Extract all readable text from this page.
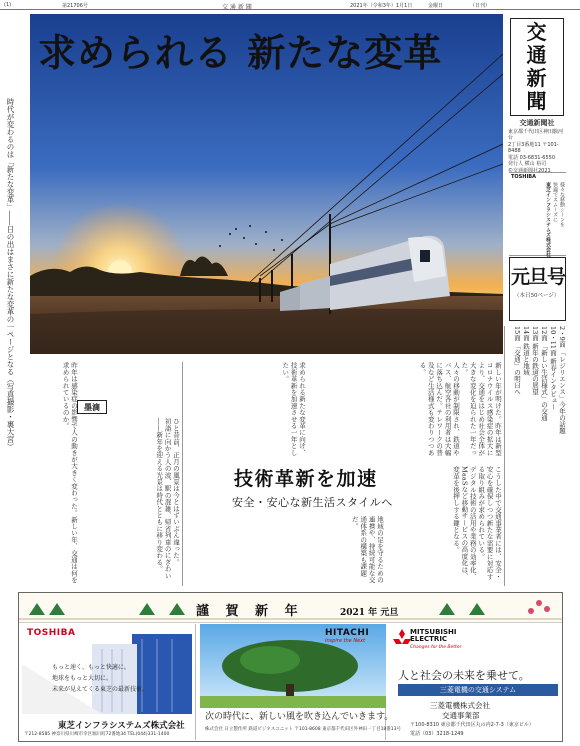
(1)	第21706号	交 通 新 聞	2021年（令和3年）1月1日	金曜日	（日刊）
求められる 新たな変革
時代が変わるのは「新たな変革」――日の出はまさに新たな変革の一ページとなる（写真撮影・裏大宮）
交
通
新
聞
交通新聞社
東京都千代田区神田駿河台
2丁目3番地11 〒101-8488
電話 03-6831-6550
発行人 横山 裕司
©交通新聞社2021
TOSHIBA
様々な移動シーンを
快適でスムーズに
東芝インフラシステムズ株式会社
元旦号
（本日50ページ）
2・9面 「レジリエンス」今年の話題
10・11面 新春インタビュー
12面 「新しい生活様式」の交通
13面 新年の鉄道の展望
14面 鉄道と地域
15面 「交通」の明日へ

昨年は感染症の影響で人の動きが大きく変わった。新しい年、交通は何を求められているのか。

ひと昔前、正月の風景は今とはずいぶん違った。

初詣に向かう人の波、駅の混雑、帰省列車のにぎわい――新年を迎える光景は時代とともに移り変わる。

墨滴	求められる新たな変革に向け、技術革新を加速させる一年としたい。	新しい年が明けた。昨年は新型コロナウイルス感染症の拡大により、交通をはじめ社会全体が大きな変化を迫られた一年だった。

人々の移動が制限され、鉄道やバス、航空各社の利用者は大幅に落ち込んだ。テレワークの普及など生活様式も変わりつつある。

技術革新を加速
安全・安心な新生活スタイルへ

地域の足を守るための連携や、持続可能な交通体系の構築も課題だ。	こうした中で交通事業者には、安全・安心を確保しつつ新たな需要に対応する取り組みが求められている。

デジタル技術の活用や業務の効率化、MaaSなど移動サービスの高度化は、変革を後押しする鍵となる。

謹 賀 新 年	2021 年 元旦
TOSHIBA
もっと速く、もっと快適に。
地球をもっと大切に。
未来が見えてくる東芝の最新技術。
東芝インフラシステムズ株式会社
〒212-8585 神奈川県川崎市幸区堀川町72番地34 TEL(044)331-1400
HITACHI
Inspire the Next
次の時代に、新しい風を吹き込んでいきます。
株式会社 日立製作所 鉄道ビジネスユニット 〒101-8608 東京都千代田区外神田一丁目18番13号
MITSUBISHI
ELECTRIC
Changes for the Better
人と社会の未来を乗せて。
三菱電機の交通システム
三菱電機株式会社
交通事業部
〒100-8310 東京都千代田区丸の内2-7-3（東京ビル）
電話（03）3218-1249
